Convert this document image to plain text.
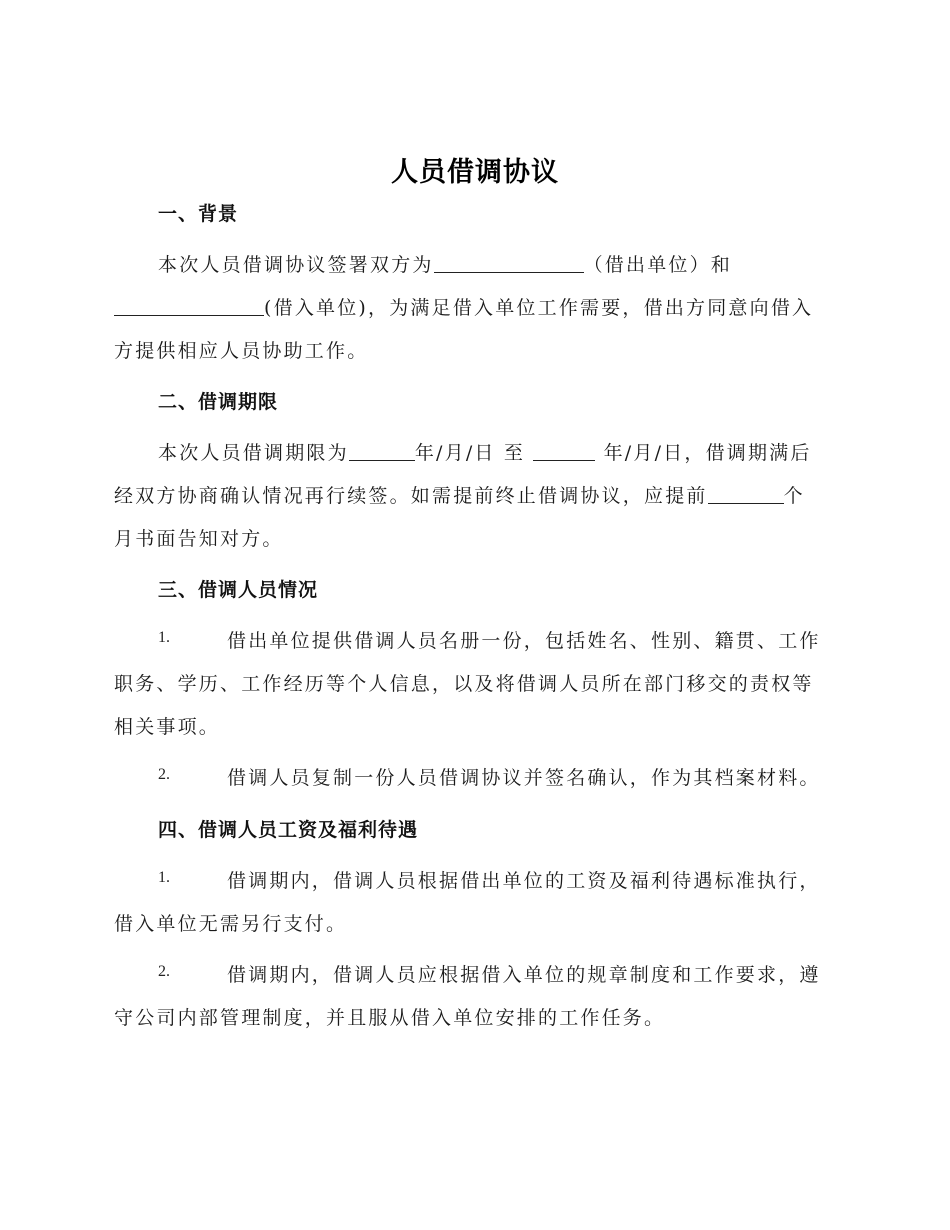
人员借调协议
一、背景
本次人员借调协议签署双方为	（借出单位）和
(借入单位)，为满足借入单位工作需要，借出方同意向借入
方提供相应人员协助工作。
二、借调期限
本次人员借调期限为	年/月/日 至	年/月/日，借调期满后
经双方协商确认情况再行续签。如需提前终止借调协议，应提前	个
月书面告知对方。
三、借调人员情况
1.	借出单位提供借调人员名册一份，包括姓名、性别、籍贯、工作
职务、学历、工作经历等个人信息，以及将借调人员所在部门移交的责权等
相关事项。
2.	借调人员复制一份人员借调协议并签名确认，作为其档案材料。
四、借调人员工资及福利待遇
1.	借调期内，借调人员根据借出单位的工资及福利待遇标准执行，
借入单位无需另行支付。
2.	借调期内，借调人员应根据借入单位的规章制度和工作要求，遵
守公司内部管理制度，并且服从借入单位安排的工作任务。
